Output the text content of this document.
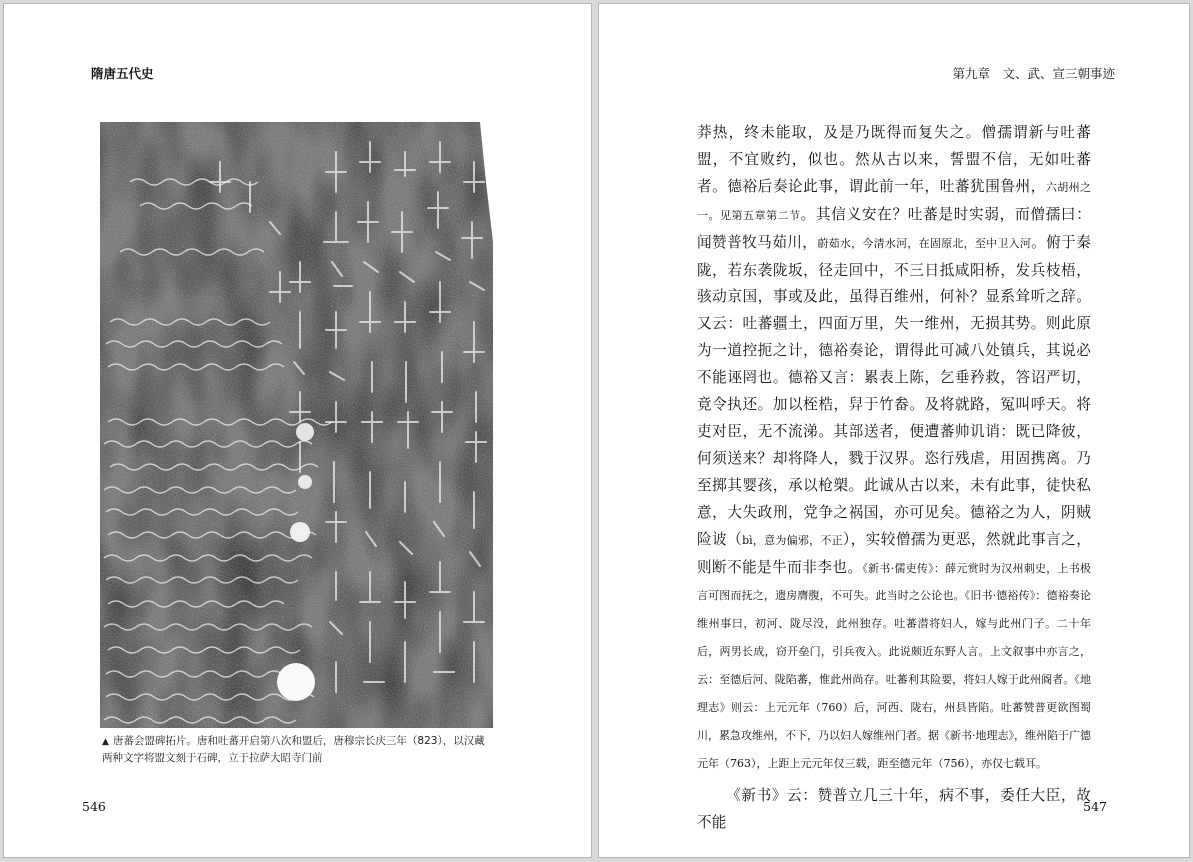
隋唐五代史
▲ 唐蕃会盟碑拓片。唐和吐蕃开启第八次和盟后，唐穆宗长庆三年（823），以汉藏两种文字将盟文刻于石碑，立于拉萨大昭寺门前
546
第九章　文、武、宣三朝事迹

莽热，终未能取，及是乃既得而复失之。僧孺谓新与吐蕃盟，不宜败约，似也。然从古以来，誓盟不信，无如吐蕃者。德裕后奏论此事，谓此前一年，吐蕃犹围鲁州，六胡州之一。见第五章第二节。其信义安在？吐蕃是时实弱，而僧孺曰：闻赞普牧马茹川，蔚茹水，今清水河，在固原北，至中卫入河。俯于秦陇，若东袭陇坂，径走回中，不三日抵咸阳桥，发兵枝梧，骇动京国，事或及此，虽得百维州，何补？显系耸听之辞。又云：吐蕃疆土，四面万里，失一维州，无损其势。则此原为一道控扼之计，德裕奏论，谓得此可减八处镇兵，其说必不能诬罔也。德裕又言：累表上陈，乞垂矜救，答诏严切，竟令执还。加以桎梏，舁于竹畚。及将就路，冤叫呼天。将吏对臣，无不流涕。其部送者，便遭蕃帅讥诮：既已降彼，何须送来？却将降人，戮于汉界。恣行残虐，用固携离。乃至掷其婴孩，承以枪槊。此诚从古以来，未有此事，徒快私意，大失政刑，党争之祸国，亦可见矣。德裕之为人，阴贼险诐（bì，意为偏邪，不正），实较僧孺为更恶，然就此事言之，则断不能是牛而非李也。《新书·儒吏传》：薛元赏时为汉州刺史，上书极言可图而抚之，遗房膺腹，不可失。此当时之公论也。《旧书·德裕传》：德裕奏论维州事曰，初河、陇尽没，此州独存。吐蕃潜将妇人，嫁与此州门子。二十年后，两男长成，窃开垒门，引兵夜入。此说颇近东野人言。上文叙事中亦言之，云：至德后河、陇陷蕃，惟此州尚存。吐蕃利其险要，将妇人嫁于此州阍者。《地理志》则云：上元元年（760）后，河西、陇右，州县皆陷。吐蕃赞普更欲图蜀川，累急攻维州，不下，乃以妇人嫁维州门者。据《新书·地理志》，维州陷于广德元年（763），上距上元元年仅三载，距至德元年（756），亦仅七载耳。

《新书》云：赞普立几三十年，病不事，委任大臣，故不能

547
